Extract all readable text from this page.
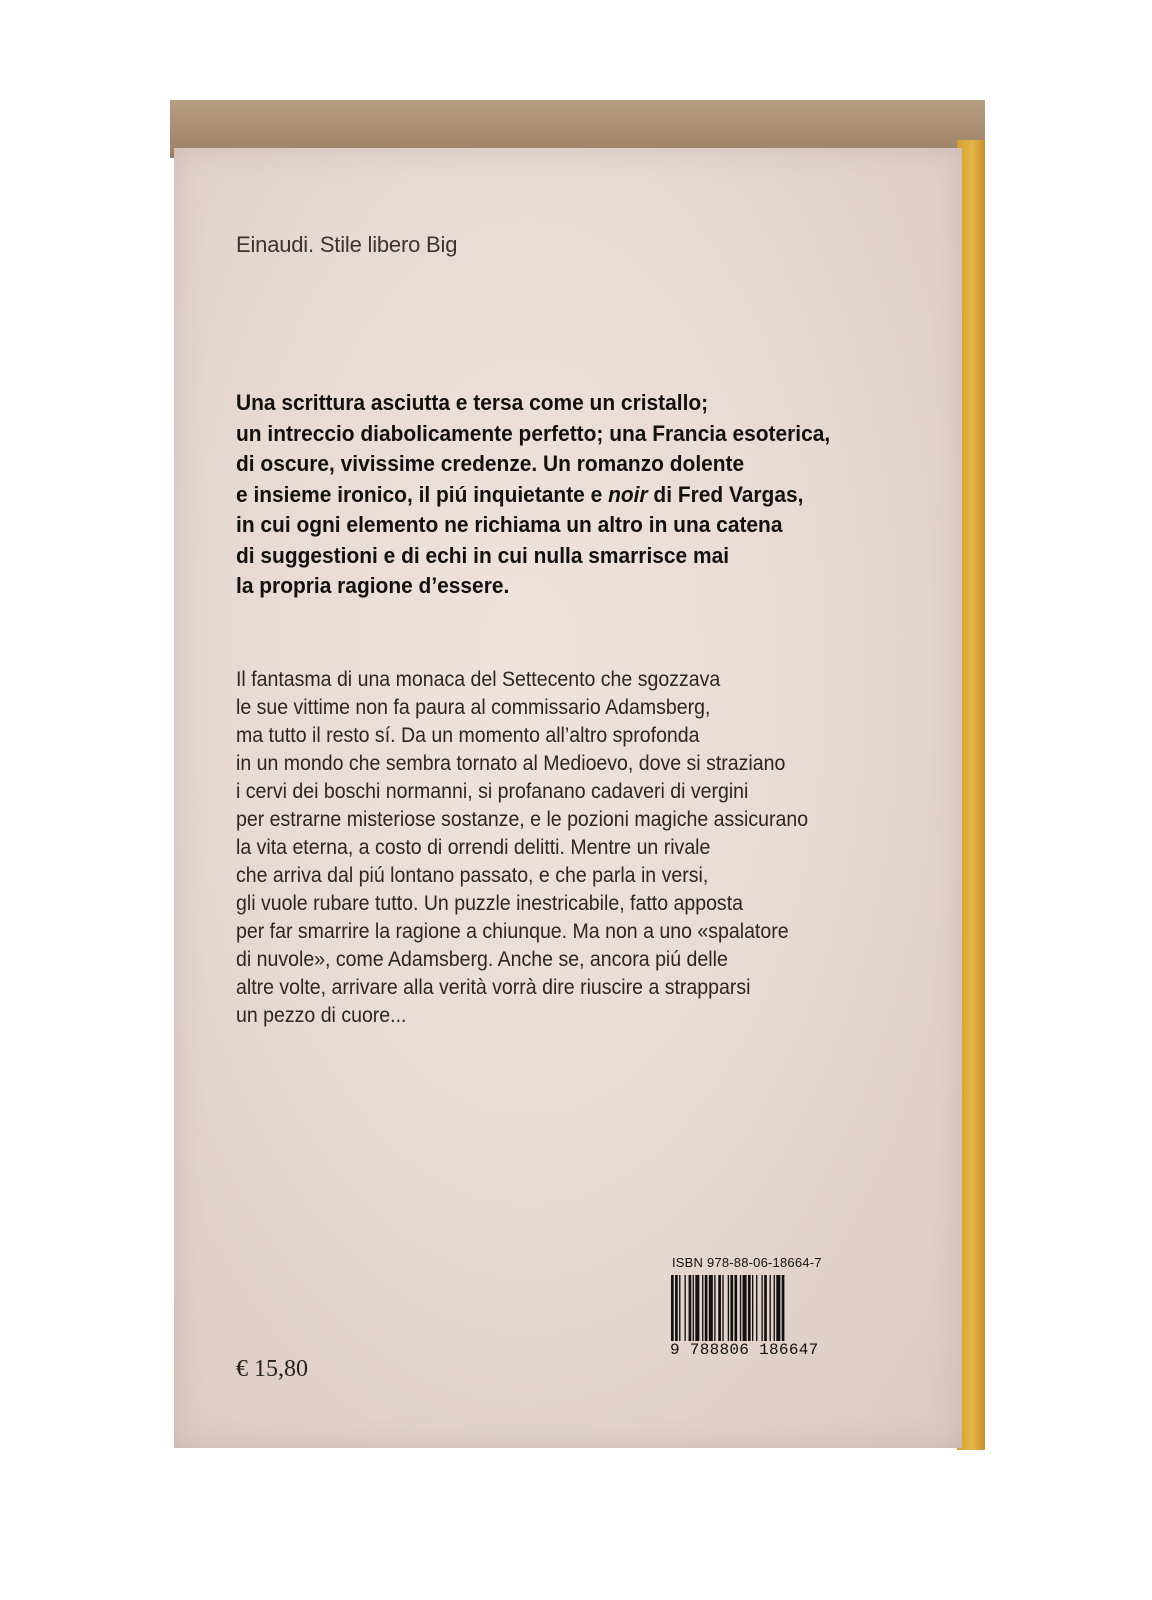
Einaudi. Stile libero Big
Una scrittura asciutta e tersa come un cristallo;
un intreccio diabolicamente perfetto; una Francia esoterica,
di oscure, vivissime credenze. Un romanzo dolente
e insieme ironico, il piú inquietante e noir di Fred Vargas,
in cui ogni elemento ne richiama un altro in una catena
di suggestioni e di echi in cui nulla smarrisce mai
la propria ragione d’essere.
Il fantasma di una monaca del Settecento che sgozzava
le sue vittime non fa paura al commissario Adamsberg,
ma tutto il resto sí. Da un momento all’altro sprofonda
in un mondo che sembra tornato al Medioevo, dove si straziano
i cervi dei boschi normanni, si profanano cadaveri di vergini
per estrarne misteriose sostanze, e le pozioni magiche assicurano
la vita eterna, a costo di orrendi delitti. Mentre un rivale
che arriva dal piú lontano passato, e che parla in versi,
gli vuole rubare tutto. Un puzzle inestricabile, fatto apposta
per far smarrire la ragione a chiunque. Ma non a uno «spalatore
di nuvole», come Adamsberg. Anche se, ancora piú delle
altre volte, arrivare alla verità vorrà dire riuscire a strapparsi
un pezzo di cuore...
ISBN 978-88-06-18664-7
9 788806 186647
€ 15,80
